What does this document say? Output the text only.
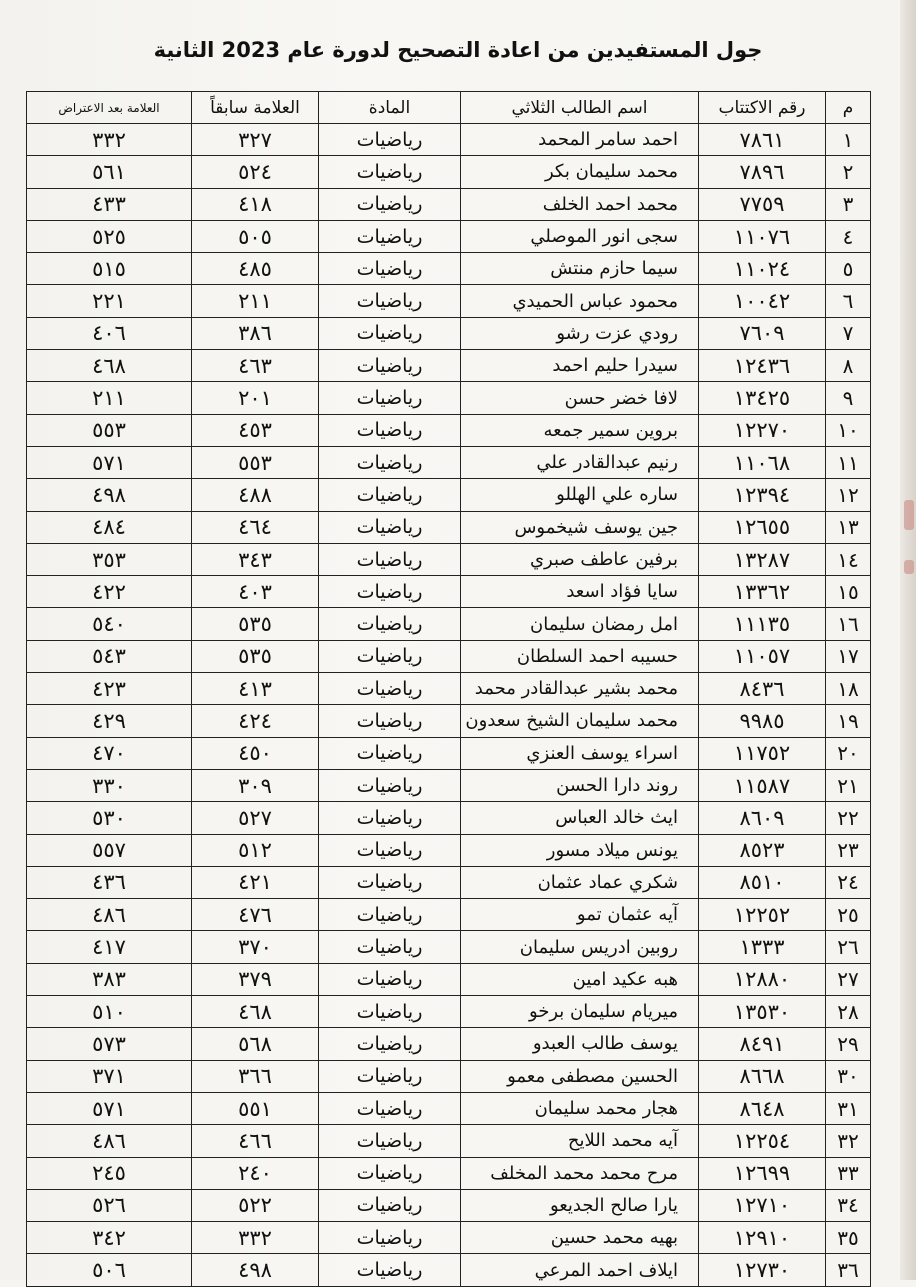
جول المستفيدين من اعادة التصحيح لدورة عام 2023 الثانية
م	رقم الاكتتاب	اسم الطالب الثلاثي	المادة	العلامة سابقاً	العلامة بعد الاعتراض
١	٧٨٦١	احمد سامر المحمد	رياضيات	٣٢٧	٣٣٢
٢	٧٨٩٦	محمد سليمان بكر	رياضيات	٥٢٤	٥٦١
٣	٧٧٥٩	محمد احمد الخلف	رياضيات	٤١٨	٤٣٣
٤	١١٠٧٦	سجى انور الموصلي	رياضيات	٥٠٥	٥٢٥
٥	١١٠٢٤	سيما حازم منتش	رياضيات	٤٨٥	٥١٥
٦	١٠٠٤٢	محمود عباس الحميدي	رياضيات	٢١١	٢٢١
٧	٧٦٠٩	رودي عزت رشو	رياضيات	٣٨٦	٤٠٦
٨	١٢٤٣٦	سيدرا حليم احمد	رياضيات	٤٦٣	٤٦٨
٩	١٣٤٢٥	لافا خضر حسن	رياضيات	٢٠١	٢١١
١٠	١٢٢٧٠	بروين سمير جمعه	رياضيات	٤٥٣	٥٥٣
١١	١١٠٦٨	رنيم عبدالقادر علي	رياضيات	٥٥٣	٥٧١
١٢	١٢٣٩٤	ساره علي الهللو	رياضيات	٤٨٨	٤٩٨
١٣	١٢٦٥٥	جين يوسف شيخموس	رياضيات	٤٦٤	٤٨٤
١٤	١٣٢٨٧	برفين عاطف صبري	رياضيات	٣٤٣	٣٥٣
١٥	١٣٣٦٢	سايا فؤاد اسعد	رياضيات	٤٠٣	٤٢٢
١٦	١١١٣٥	امل رمضان سليمان	رياضيات	٥٣٥	٥٤٠
١٧	١١٠٥٧	حسيبه احمد السلطان	رياضيات	٥٣٥	٥٤٣
١٨	٨٤٣٦	محمد بشير عبدالقادر محمد	رياضيات	٤١٣	٤٢٣
١٩	٩٩٨٥	محمد سليمان الشيخ سعدون	رياضيات	٤٢٤	٤٢٩
٢٠	١١٧٥٢	اسراء يوسف العنزي	رياضيات	٤٥٠	٤٧٠
٢١	١١٥٨٧	روند دارا الحسن	رياضيات	٣٠٩	٣٣٠
٢٢	٨٦٠٩	ايث خالد العباس	رياضيات	٥٢٧	٥٣٠
٢٣	٨٥٢٣	يونس ميلاد مسور	رياضيات	٥١٢	٥٥٧
٢٤	٨٥١٠	شكري عماد عثمان	رياضيات	٤٢١	٤٣٦
٢٥	١٢٢٥٢	آيه عثمان تمو	رياضيات	٤٧٦	٤٨٦
٢٦	١٣٣٣	روبين ادريس سليمان	رياضيات	٣٧٠	٤١٧
٢٧	١٢٨٨٠	هبه عكيد امين	رياضيات	٣٧٩	٣٨٣
٢٨	١٣٥٣٠	ميريام سليمان برخو	رياضيات	٤٦٨	٥١٠
٢٩	٨٤٩١	يوسف طالب العبدو	رياضيات	٥٦٨	٥٧٣
٣٠	٨٦٦٨	الحسين مصطفى معمو	رياضيات	٣٦٦	٣٧١
٣١	٨٦٤٨	هجار محمد سليمان	رياضيات	٥٥١	٥٧١
٣٢	١٢٢٥٤	آيه محمد اللايح	رياضيات	٤٦٦	٤٨٦
٣٣	١٢٦٩٩	مرح محمد محمد المخلف	رياضيات	٢٤٠	٢٤٥
٣٤	١٢٧١٠	يارا صالح الجديعو	رياضيات	٥٢٢	٥٢٦
٣٥	١٢٩١٠	بهيه محمد حسين	رياضيات	٣٣٢	٣٤٢
٣٦	١٢٧٣٠	ايلاف احمد المرعي	رياضيات	٤٩٨	٥٠٦
